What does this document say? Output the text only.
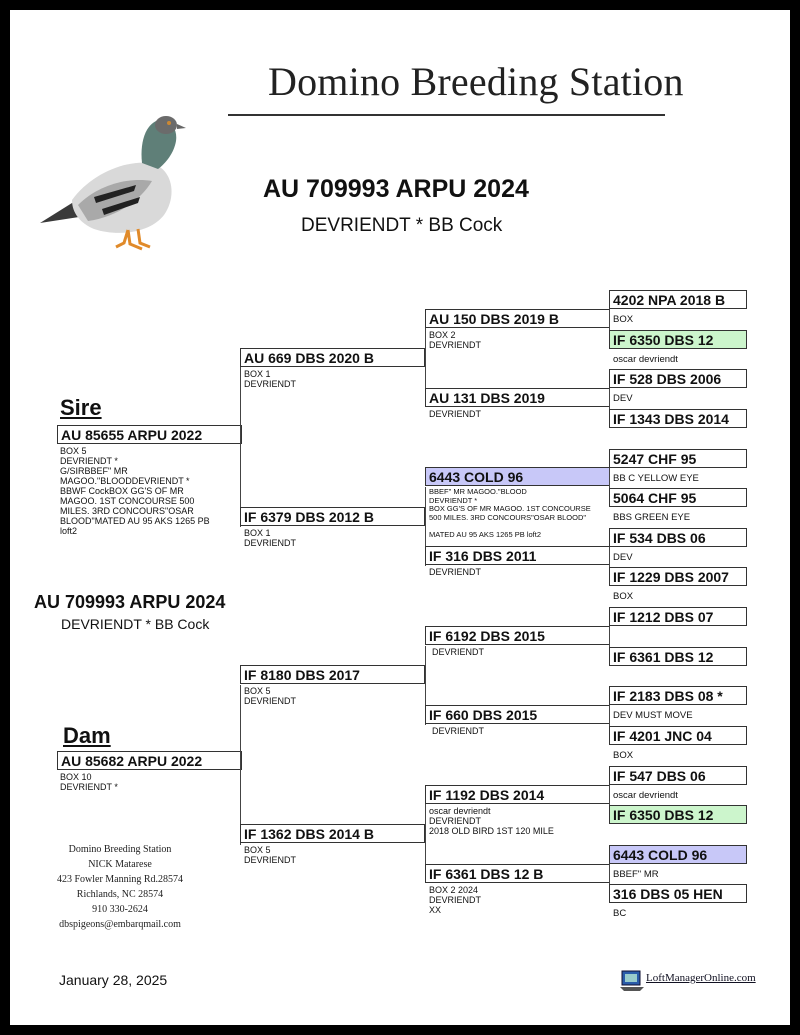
Domino Breeding Station
AU 709993 ARPU 2024
DEVRIENDT * BB Cock
AU 709993 ARPU 2024
DEVRIENDT * BB Cock
Sire
AU 85655 ARPU 2022
BOX 5
DEVRIENDT *
G/SIRBBEF" MR
MAGOO."BLOODDEVRIENDT *
BBWF CockBOX GG'S OF MR
MAGOO. 1ST CONCOURSE 500
MILES. 3RD CONCOURS"OSAR
BLOOD"MATED AU 95 AKS 1265 PB
loft2
Dam
AU 85682 ARPU 2022
BOX 10
DEVRIENDT *
AU 669 DBS 2020 B
BOX 1
DEVRIENDT
IF 6379 DBS 2012 B
BOX 1
DEVRIENDT
IF 8180 DBS 2017
BOX 5
DEVRIENDT
IF 1362 DBS 2014 B
BOX 5
DEVRIENDT
AU 150 DBS 2019 B
BOX 2
DEVRIENDT
AU 131 DBS 2019
DEVRIENDT
6443 COLD 96
BBEF" MR MAGOO."BLOOD
DEVRIENDT *
BOX GG'S OF MR MAGOO. 1ST CONCOURSE
500 MILES. 3RD CONCOURS"OSAR BLOOD"

MATED AU 95 AKS 1265 PB loft2
IF 316 DBS 2011
DEVRIENDT
IF 6192 DBS 2015
DEVRIENDT
IF 660 DBS 2015
DEVRIENDT
IF 1192 DBS 2014
oscar devriendt
DEVRIENDT
2018 OLD BIRD 1ST 120 MILE
IF 6361 DBS 12 B
BOX 2 2024
DEVRIENDT
XX
4202 NPA 2018 B
BOX
IF 6350 DBS 12
oscar devriendt
IF 528 DBS 2006
DEV
IF 1343 DBS 2014
5247 CHF 95
BB C YELLOW EYE
5064 CHF 95
BBS GREEN EYE
IF 534 DBS 06
DEV
IF 1229 DBS 2007
BOX
IF 1212 DBS 07
IF 6361 DBS 12
IF 2183 DBS 08 *
DEV MUST MOVE
IF 4201 JNC 04
BOX
IF 547 DBS 06
oscar devriendt
IF 6350 DBS 12
6443 COLD 96
BBEF" MR
316 DBS 05 HEN
BC
Domino Breeding Station
NICK Matarese
423 Fowler Manning Rd.28574
Richlands, NC 28574
910 330-2624
dbspigeons@embarqmail.com
January 28, 2025	LoftManagerOnline.com
